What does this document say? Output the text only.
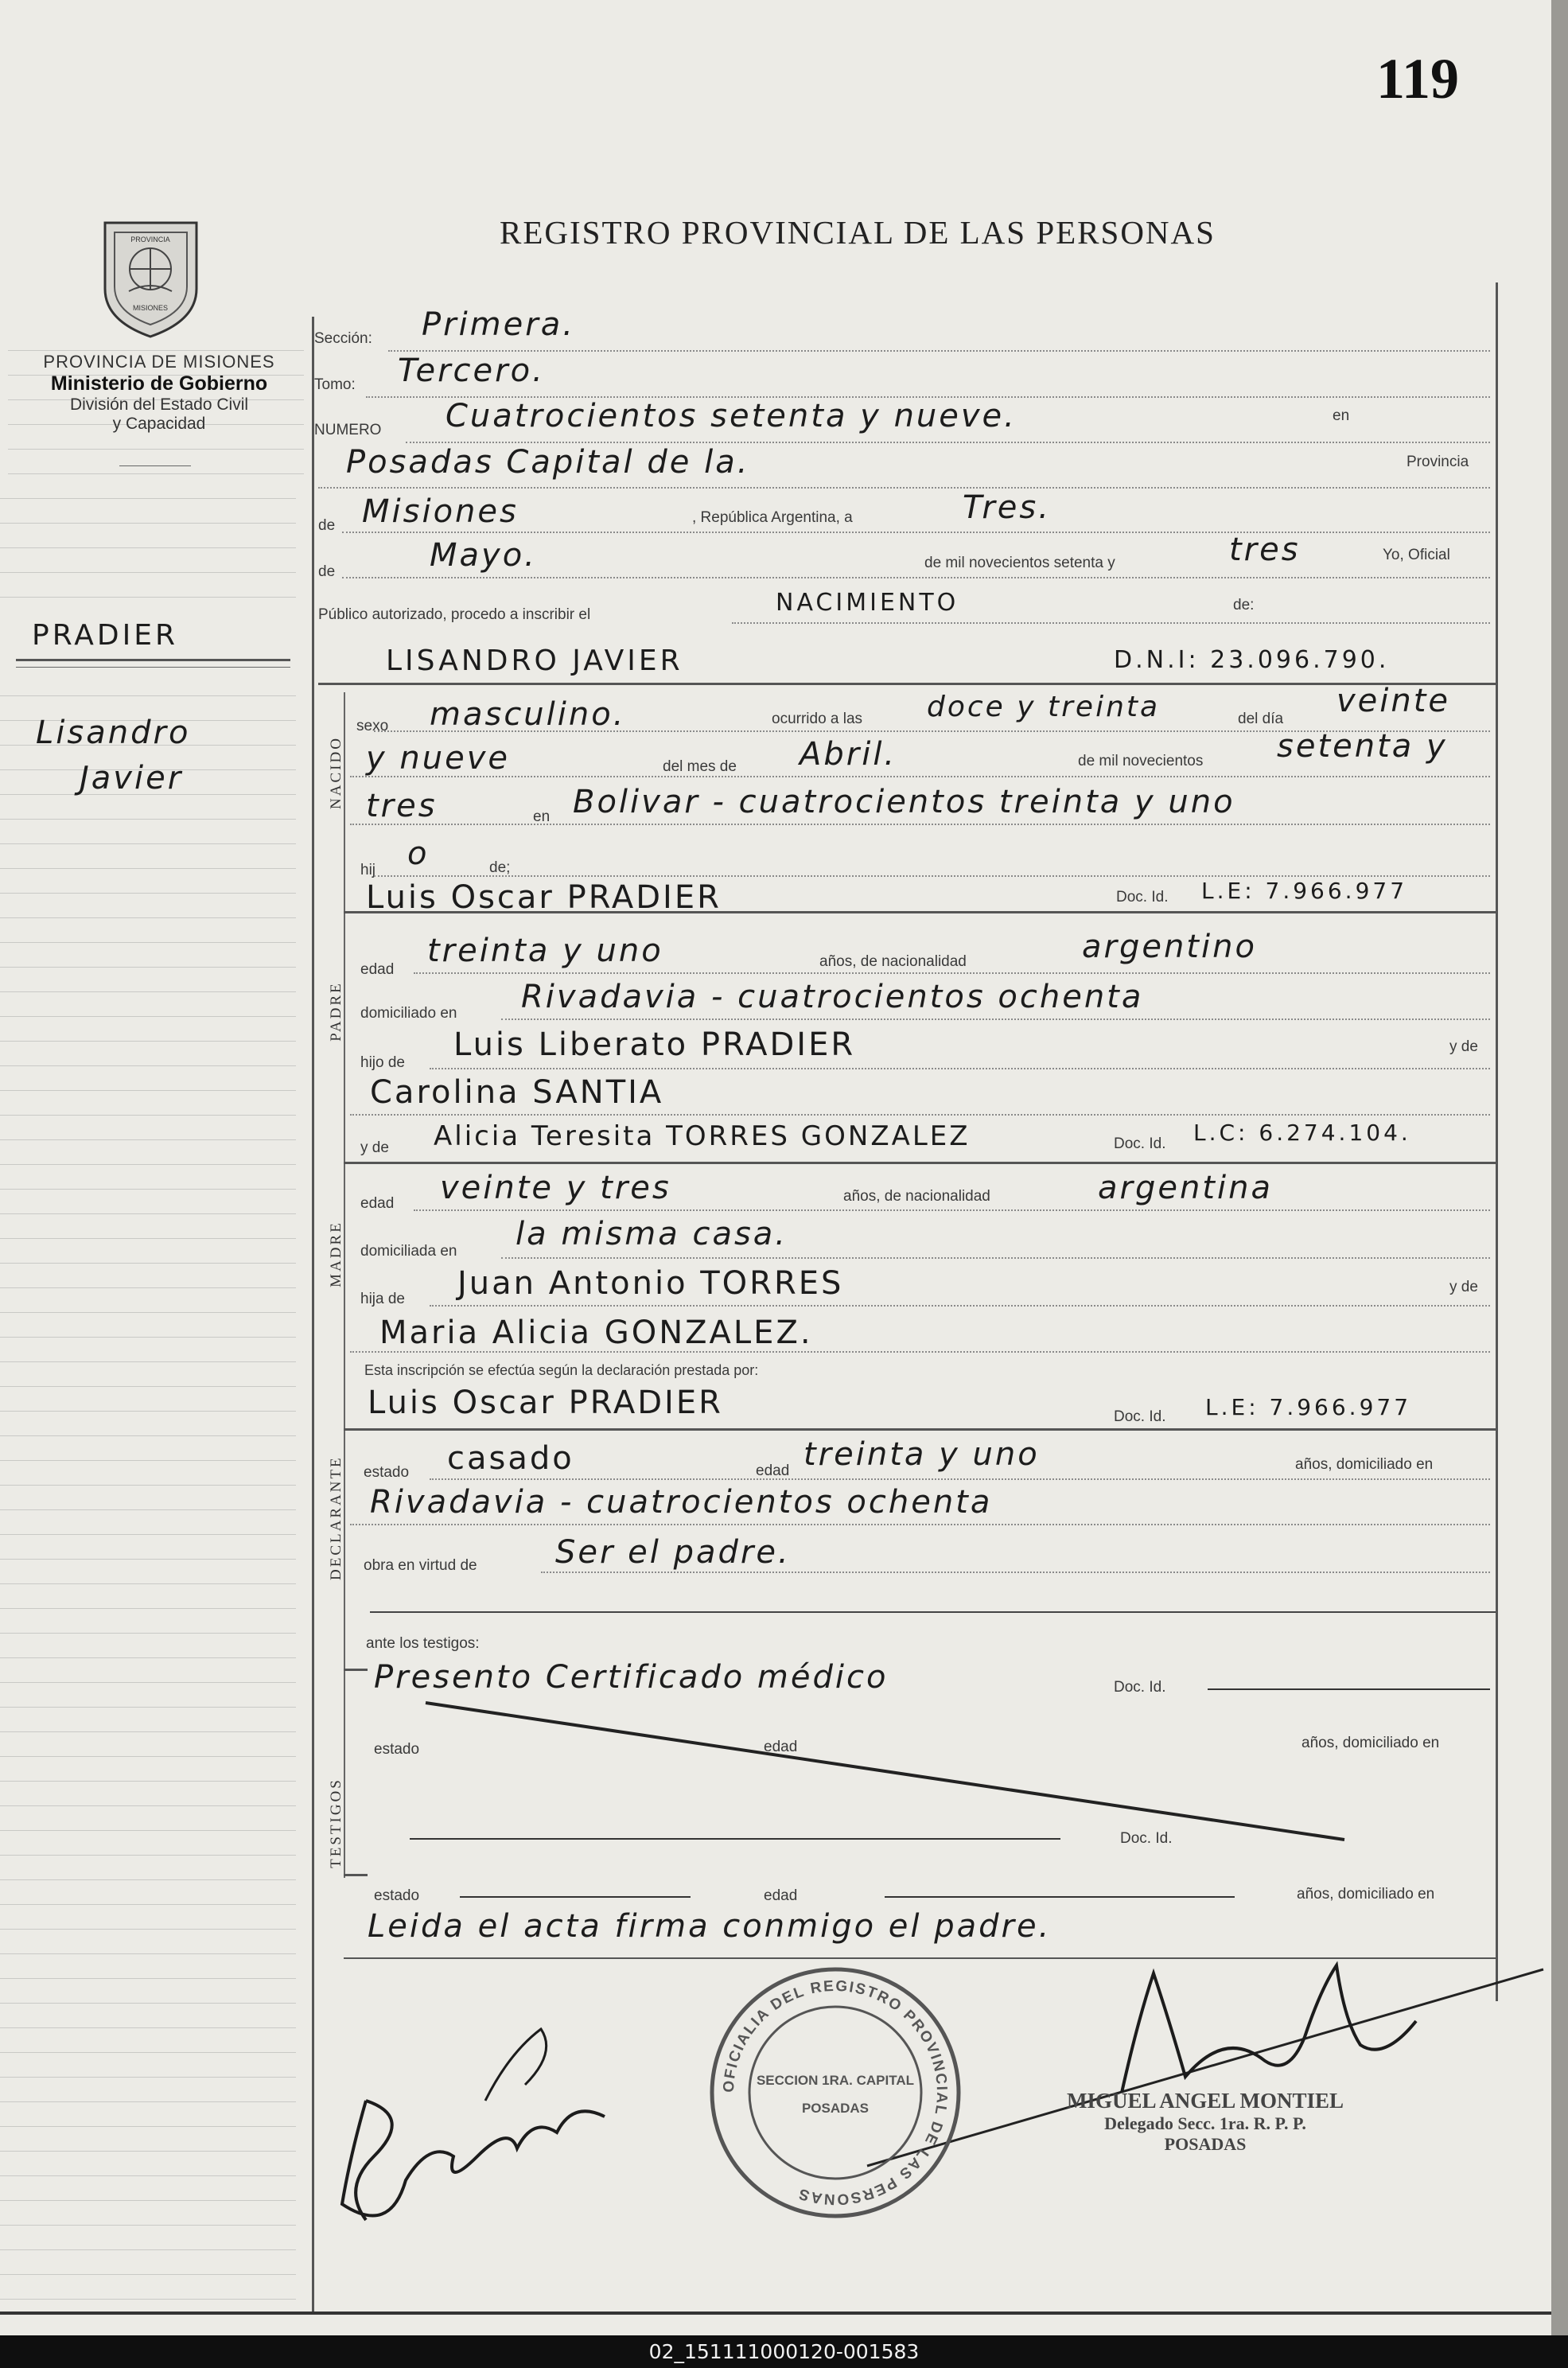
119
REGISTRO PROVINCIAL DE LAS PERSONAS
PROVINCIA
MISIONES
PROVINCIA DE MISIONES
Ministerio de Gobierno
División del Estado Civil
y Capacidad
PRADIER
Lisandro
Javier
Sección: Primera.
Tomo: Tercero.
NUMERO Cuatrocientos setenta y nueve.	en
Posadas Capital de la.	Provincia
de Misiones	, República Argentina, a	Tres.
de	Mayo.	de mil novecientos setenta y	tres	Yo, Oficial
Público autorizado, procedo a inscribir el	NACIMIENTO	de:
LISANDRO JAVIER	D.N.I: 23.096.790.
NACIDO
sexo masculino.	ocurrido a las doce y treinta	del día veinte
y nueve	del mes de Abril.	de mil novecientos setenta y
tres	en Bolivar - cuatrocientos treinta y uno
hij o	de;
Luis Oscar PRADIER	Doc. Id. L.E: 7.966.977
PADRE
edad
treinta y uno	años, de nacionalidad	argentino
domiciliado en Rivadavia - cuatrocientos ochenta
hijo de Luis Liberato PRADIER	y de
Carolina SANTIA
y de Alicia Teresita TORRES GONZALEZ	Doc. Id. L.C: 6.274.104.
MADRE
edad veinte y tres	años, de nacionalidad	argentina
domiciliada en la misma casa.
hija de Juan Antonio TORRES	y de
Maria Alicia GONZALEZ.
Esta inscripción se efectúa según la declaración prestada por:
Luis Oscar PRADIER	Doc. Id. L.E: 7.966.977
DECLARANTE estado casado	edad treinta y uno	años, domiciliado en
Rivadavia - cuatrocientos ochenta
obra en virtud de Ser el padre.
ante los testigos:
Presento Certificado médico	Doc. Id.
TESTIGOS
estado	edad	años, domiciliado en
Doc. Id.
estado	edad	años, domiciliado en
Leida el acta firma conmigo el padre.
OFICIALIA DEL REGISTRO PROVINCIAL DE LAS PERSONAS
SECCION 1RA. CAPITAL
POSADAS	MIGUEL ANGEL MONTIEL
Delegado Secc. 1ra. R. P. P.
POSADAS
02_151111000120-001583
